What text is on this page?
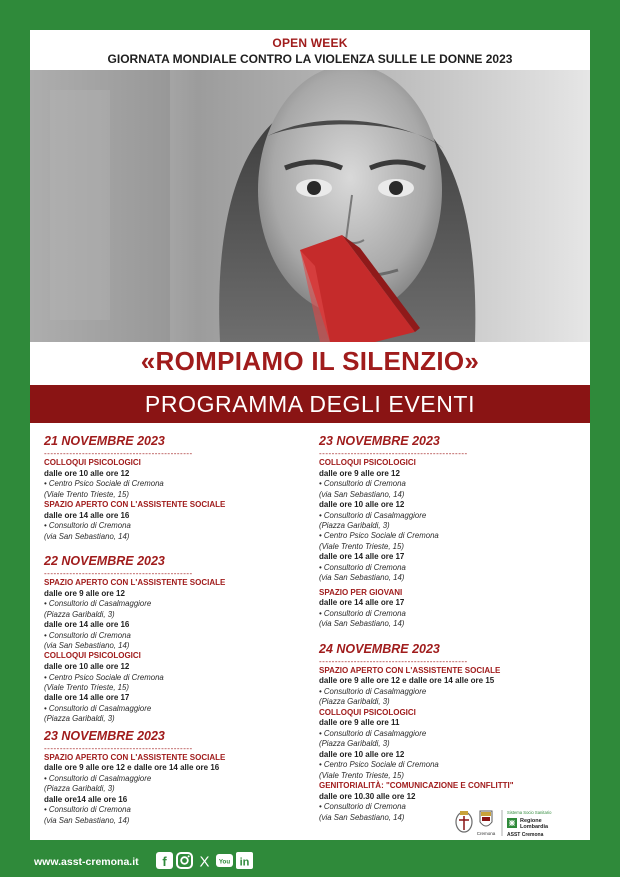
OPEN WEEK
GIORNATA MONDIALE CONTRO LA VIOLENZA SULLE LE DONNE 2023
«ROMPIAMO IL SILENZIO»
PROGRAMMA DEGLI EVENTI
21 NOVEMBRE 2023
-----------------------------------------------
COLLOQUI PSICOLOGICI
dalle ore 10 alle ore 12
• Centro Psico Sociale di Cremona
(Viale Trento Trieste, 15)
SPAZIO APERTO CON L'ASSISTENTE SOCIALE
dalle ore 14 alle ore 16
• Consultorio di Cremona
(via San Sebastiano, 14)
22 NOVEMBRE 2023
-----------------------------------------------
SPAZIO APERTO CON L'ASSISTENTE SOCIALE
dalle ore 9 alle ore 12
• Consultorio di Casalmaggiore
(Piazza Garibaldi, 3)
dalle ore 14 alle ore 16
• Consultorio di Cremona
(via San Sebastiano, 14)
COLLOQUI PSICOLOGICI
dalle ore 10 alle ore 12
• Centro Psico Sociale di Cremona
(Viale Trento Trieste, 15)
dalle ore 14 alle ore 17
• Consultorio di Casalmaggiore
(Piazza Garibaldi, 3)
23 NOVEMBRE 2023
-----------------------------------------------
SPAZIO APERTO CON L'ASSISTENTE SOCIALE
dalle ore 9 alle ore 12 e dalle ore 14 alle ore 16
• Consultorio di Casalmaggiore
(Piazza Garibaldi, 3)
dalle ore14 alle ore 16
• Consultorio di Cremona
(via San Sebastiano, 14)
23 NOVEMBRE 2023
-----------------------------------------------
COLLOQUI PSICOLOGICI
dalle ore 9 alle ore 12
• Consultorio di Cremona
(via San Sebastiano, 14)
dalle ore 10 alle ore 12
• Consultorio di Casalmaggiore
(Piazza Garibaldi, 3)
• Centro Psico Sociale di Cremona
(Viale Trento Trieste, 15)
dalle ore 14 alle ore 17
• Consultorio di Cremona
(via San Sebastiano, 14)
SPAZIO PER GIOVANI
dalle ore 14 alle ore 17
• Consultorio di Cremona
(via San Sebastiano, 14)
24 NOVEMBRE 2023
-----------------------------------------------
SPAZIO APERTO CON L'ASSISTENTE SOCIALE
dalle ore 9 alle ore 12 e dalle ore 14 alle ore 15
• Consultorio di Casalmaggiore
(Piazza Garibaldi, 3)
COLLOQUI PSICOLOGICI
dalle ore 9 alle ore 11
• Consultorio di Casalmaggiore
(Piazza Garibaldi, 3)
dalle ore 10 alle ore 12
• Centro Psico Sociale di Cremona
(Viale Trento Trieste, 15)
GENITORIALITÀ: "COMUNICAZIONE E CONFLITTI"
dalle ore 10.30 alle ore 12
• Consultorio di Cremona
(via San Sebastiano, 14)
Cremona
Sistema Socio Sanitario
Regione
Lombardia
ASST Cremona
www.asst-cremona.it f X You in
